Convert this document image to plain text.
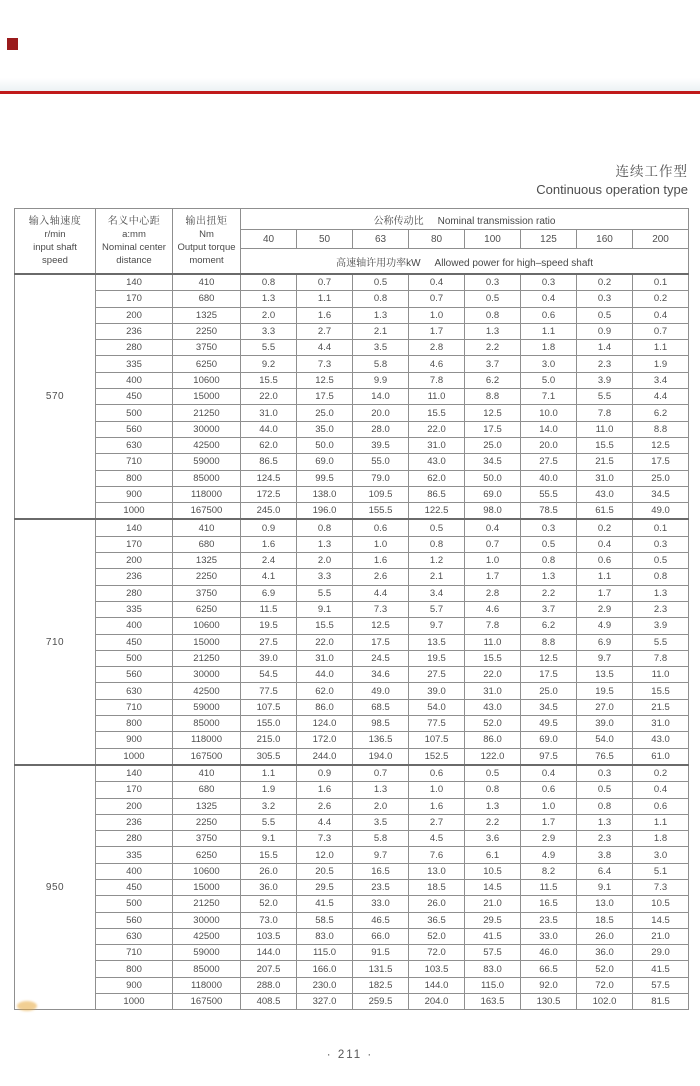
连续工作型
Continuous operation type
输入轴速度
r/min
input shaft
speed

名义中心距
a:mm
Nominal center
distance

输出扭矩
Nm
Output torque
moment
	公称传动比 Nominal transmission ratio
			40	50	63	80	100	125	160	200
			高速轴许用功率kW Allowed power for high–speed shaft							
570	140	410	0.8	0.7	0.5	0.4	0.3	0.3	0.2	0.1
	170	680	1.3	1.1	0.8	0.7	0.5	0.4	0.3	0.2
	200	1325	2.0	1.6	1.3	1.0	0.8	0.6	0.5	0.4
	236	2250	3.3	2.7	2.1	1.7	1.3	1.1	0.9	0.7
	280	3750	5.5	4.4	3.5	2.8	2.2	1.8	1.4	1.1
	335	6250	9.2	7.3	5.8	4.6	3.7	3.0	2.3	1.9
	400	10600	15.5	12.5	9.9	7.8	6.2	5.0	3.9	3.4
	450	15000	22.0	17.5	14.0	11.0	8.8	7.1	5.5	4.4
	500	21250	31.0	25.0	20.0	15.5	12.5	10.0	7.8	6.2
	560	30000	44.0	35.0	28.0	22.0	17.5	14.0	11.0	8.8
	630	42500	62.0	50.0	39.5	31.0	25.0	20.0	15.5	12.5
	710	59000	86.5	69.0	55.0	43.0	34.5	27.5	21.5	17.5
	800	85000	124.5	99.5	79.0	62.0	50.0	40.0	31.0	25.0
	900	118000	172.5	138.0	109.5	86.5	69.0	55.5	43.0	34.5
	1000	167500	245.0	196.0	155.5	122.5	98.0	78.5	61.5	49.0
710	140	410	0.9	0.8	0.6	0.5	0.4	0.3	0.2	0.1
	170	680	1.6	1.3	1.0	0.8	0.7	0.5	0.4	0.3
	200	1325	2.4	2.0	1.6	1.2	1.0	0.8	0.6	0.5
	236	2250	4.1	3.3	2.6	2.1	1.7	1.3	1.1	0.8
	280	3750	6.9	5.5	4.4	3.4	2.8	2.2	1.7	1.3
	335	6250	11.5	9.1	7.3	5.7	4.6	3.7	2.9	2.3
	400	10600	19.5	15.5	12.5	9.7	7.8	6.2	4.9	3.9
	450	15000	27.5	22.0	17.5	13.5	11.0	8.8	6.9	5.5
	500	21250	39.0	31.0	24.5	19.5	15.5	12.5	9.7	7.8
	560	30000	54.5	44.0	34.6	27.5	22.0	17.5	13.5	11.0
	630	42500	77.5	62.0	49.0	39.0	31.0	25.0	19.5	15.5
	710	59000	107.5	86.0	68.5	54.0	43.0	34.5	27.0	21.5
	800	85000	155.0	124.0	98.5	77.5	52.0	49.5	39.0	31.0
	900	118000	215.0	172.0	136.5	107.5	86.0	69.0	54.0	43.0
	1000	167500	305.5	244.0	194.0	152.5	122.0	97.5	76.5	61.0
950	140	410	1.1	0.9	0.7	0.6	0.5	0.4	0.3	0.2
	170	680	1.9	1.6	1.3	1.0	0.8	0.6	0.5	0.4
	200	1325	3.2	2.6	2.0	1.6	1.3	1.0	0.8	0.6
	236	2250	5.5	4.4	3.5	2.7	2.2	1.7	1.3	1.1
	280	3750	9.1	7.3	5.8	4.5	3.6	2.9	2.3	1.8
	335	6250	15.5	12.0	9.7	7.6	6.1	4.9	3.8	3.0
	400	10600	26.0	20.5	16.5	13.0	10.5	8.2	6.4	5.1
	450	15000	36.0	29.5	23.5	18.5	14.5	11.5	9.1	7.3
	500	21250	52.0	41.5	33.0	26.0	21.0	16.5	13.0	10.5
	560	30000	73.0	58.5	46.5	36.5	29.5	23.5	18.5	14.5
	630	42500	103.5	83.0	66.0	52.0	41.5	33.0	26.0	21.0
	710	59000	144.0	115.0	91.5	72.0	57.5	46.0	36.0	29.0
	800	85000	207.5	166.0	131.5	103.5	83.0	66.5	52.0	41.5
	900	118000	288.0	230.0	182.5	144.0	115.0	92.0	72.0	57.5
	1000	167500	408.5	327.0	259.5	204.0	163.5	130.5	102.0	81.5
· 211 ·
